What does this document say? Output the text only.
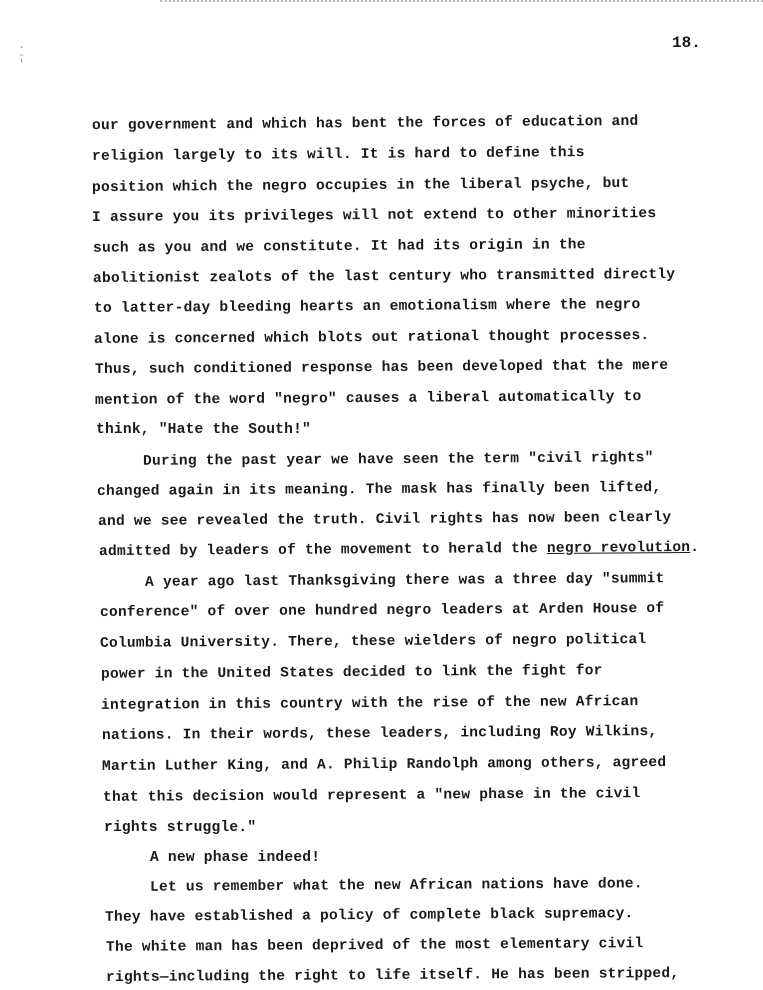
.
-
'
18.
our government and which has bent the forces of education and
religion largely to its will. It is hard to define this
position which the negro occupies in the liberal psyche, but
I assure you its privileges will not extend to other minorities
such as you and we constitute. It had its origin in the
abolitionist zealots of the last century who transmitted directly
to latter-day bleeding hearts an emotionalism where the negro
alone is concerned which blots out rational thought processes.
Thus, such conditioned response has been developed that the mere
mention of the word "negro" causes a liberal automatically to
think, "Hate the South!"
During the past year we have seen the term "civil rights"
changed again in its meaning. The mask has finally been lifted,
and we see revealed the truth. Civil rights has now been clearly
admitted by leaders of the movement to herald the negro revolution.
A year ago last Thanksgiving there was a three day "summit
conference" of over one hundred negro leaders at Arden House of
Columbia University. There, these wielders of negro political
power in the United States decided to link the fight for
integration in this country with the rise of the new African
nations. In their words, these leaders, including Roy Wilkins,
Martin Luther King, and A. Philip Randolph among others, agreed
that this decision would represent a "new phase in the civil
rights struggle."
A new phase indeed!
Let us remember what the new African nations have done.
They have established a policy of complete black supremacy.
The white man has been deprived of the most elementary civil
rights—including the right to life itself. He has been stripped,
